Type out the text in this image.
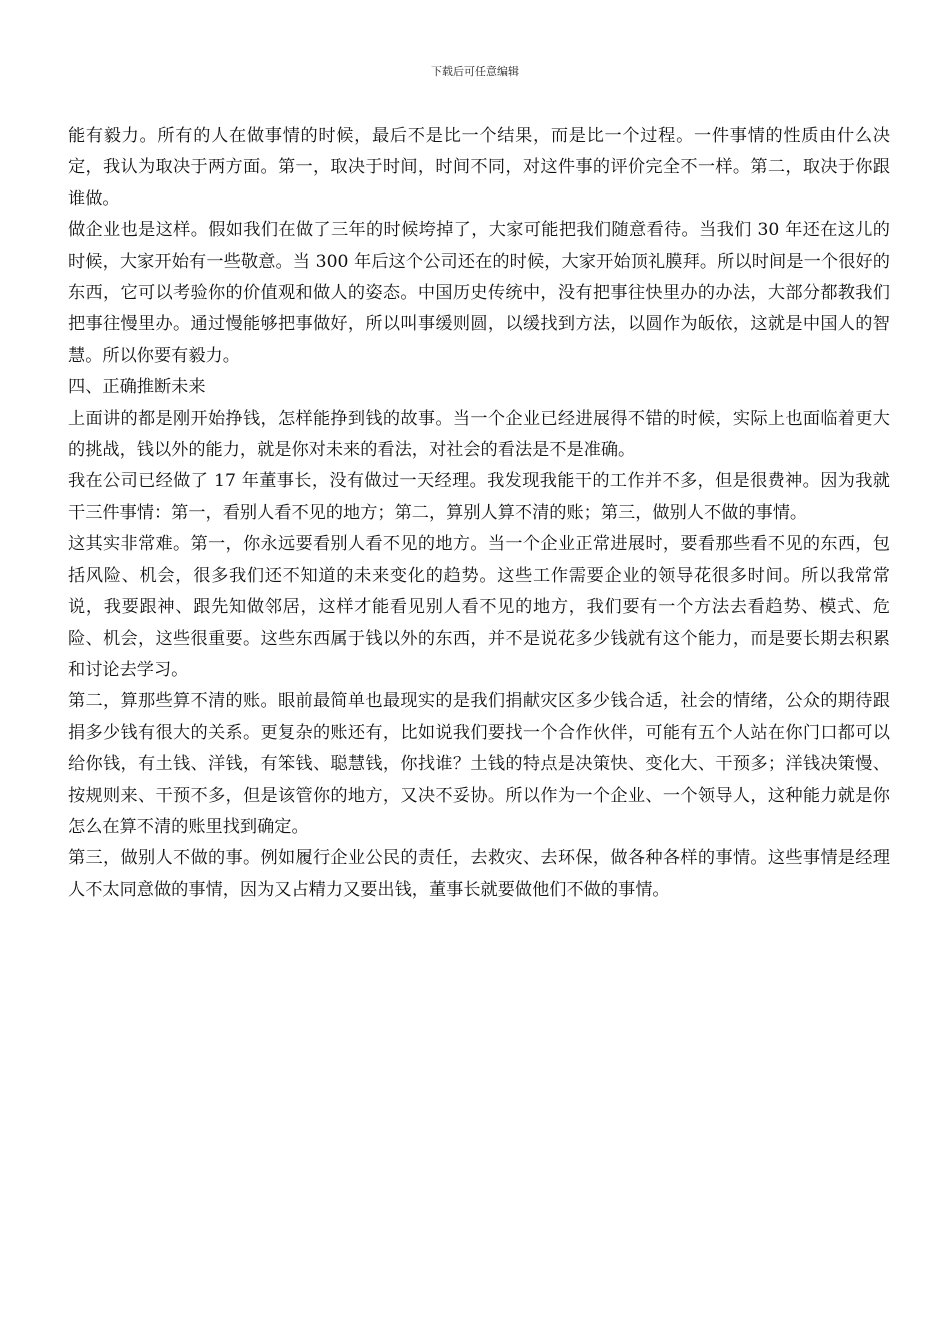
下载后可任意编辑

能有毅力。所有的人在做事情的时候，最后不是比一个结果，而是比一个过程。一件事情的性质由什么决定，我认为取决于两方面。第一，取决于时间，时间不同，对这件事的评价完全不一样。第二，取决于你跟谁做。

做企业也是这样。假如我们在做了三年的时候垮掉了，大家可能把我们随意看待。当我们 30 年还在这儿的时候，大家开始有一些敬意。当 300 年后这个公司还在的时候，大家开始顶礼膜拜。所以时间是一个很好的东西，它可以考验你的价值观和做人的姿态。中国历史传统中，没有把事往快里办的办法，大部分都教我们把事往慢里办。通过慢能够把事做好，所以叫事缓则圆，以缓找到方法，以圆作为皈依，这就是中国人的智慧。所以你要有毅力。

四、正确推断未来

上面讲的都是刚开始挣钱，怎样能挣到钱的故事。当一个企业已经进展得不错的时候，实际上也面临着更大的挑战，钱以外的能力，就是你对未来的看法，对社会的看法是不是准确。

我在公司已经做了 17 年董事长，没有做过一天经理。我发现我能干的工作并不多，但是很费神。因为我就干三件事情：第一，看别人看不见的地方；第二，算别人算不清的账；第三，做别人不做的事情。

这其实非常难。第一，你永远要看别人看不见的地方。当一个企业正常进展时，要看那些看不见的东西，包括风险、机会，很多我们还不知道的未来变化的趋势。这些工作需要企业的领导花很多时间。所以我常常说，我要跟神、跟先知做邻居，这样才能看见别人看不见的地方，我们要有一个方法去看趋势、模式、危险、机会，这些很重要。这些东西属于钱以外的东西，并不是说花多少钱就有这个能力，而是要长期去积累和讨论去学习。

第二，算那些算不清的账。眼前最简单也最现实的是我们捐献灾区多少钱合适，社会的情绪，公众的期待跟捐多少钱有很大的关系。更复杂的账还有，比如说我们要找一个合作伙伴，可能有五个人站在你门口都可以给你钱，有土钱、洋钱，有笨钱、聪慧钱，你找谁？土钱的特点是决策快、变化大、干预多；洋钱决策慢、按规则来、干预不多，但是该管你的地方，又决不妥协。所以作为一个企业、一个领导人，这种能力就是你怎么在算不清的账里找到确定。

第三，做别人不做的事。例如履行企业公民的责任，去救灾、去环保，做各种各样的事情。这些事情是经理人不太同意做的事情，因为又占精力又要出钱，董事长就要做他们不做的事情。
